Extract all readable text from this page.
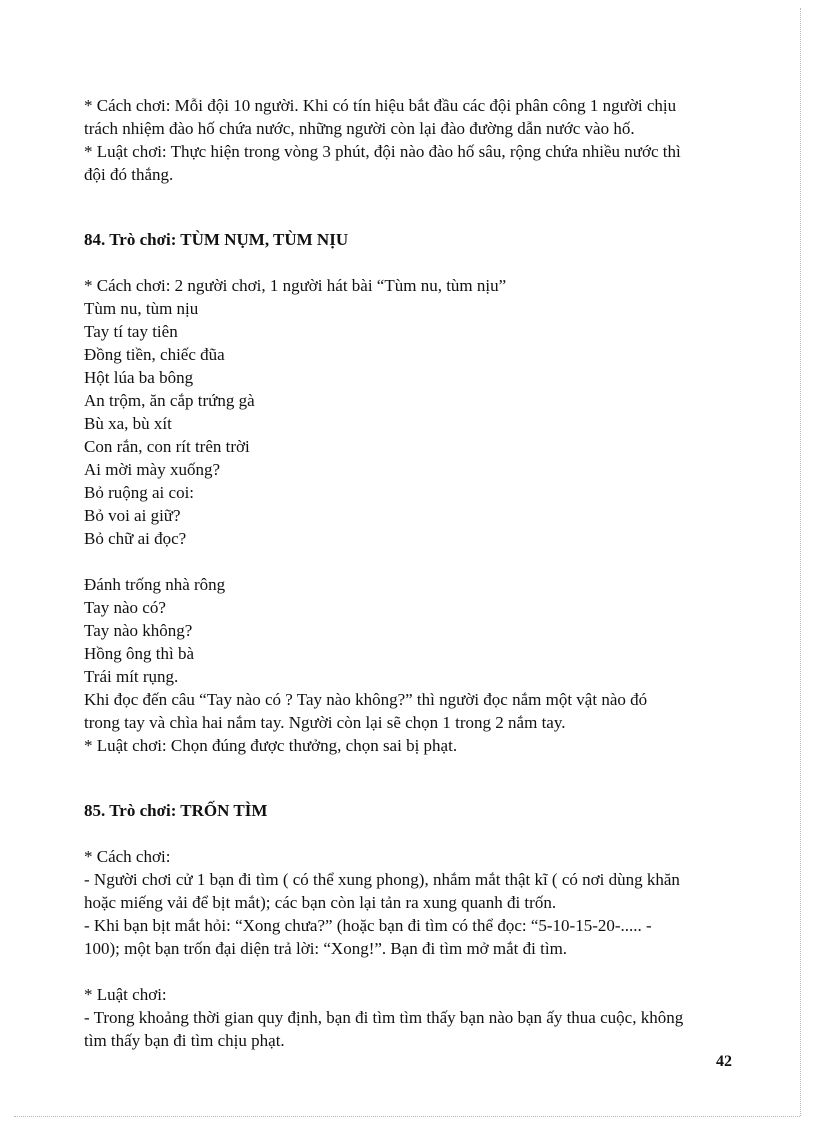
* Cách chơi: Mỗi đội 10 người. Khi có tín hiệu bắt đầu các đội phân công 1 người chịu

trách nhiệm đào hố chứa nước, những người còn lại đào đường dẫn nước vào hố.

* Luật chơi: Thực hiện trong vòng 3 phút, đội nào đào hố sâu, rộng chứa nhiều nước thì

đội đó thắng.

84. Trò chơi: TÙM NỤM, TÙM NỊU

* Cách chơi: 2 người chơi, 1 người hát bài “Tùm nu, tùm nịu”

Tùm nu, tùm nịu

Tay tí tay tiên

Đồng tiền, chiếc đũa

Hột lúa ba bông

An trộm, ăn cắp trứng gà

Bù xa, bù xít

Con rắn, con rít trên trời

Ai mời mày xuống?

Bỏ ruộng ai coi:

Bỏ voi ai giữ?

Bỏ chữ ai đọc?

Đánh trống nhà rông

Tay nào có?

Tay nào không?

Hồng ông thì bà

Trái mít rụng.

Khi đọc đến câu “Tay nào có ? Tay nào không?” thì người đọc nắm một vật nào đó

trong tay và chìa hai nắm tay. Người còn lại sẽ chọn 1 trong 2 nắm tay.

* Luật chơi: Chọn đúng được thưởng, chọn sai bị phạt.

85. Trò chơi: TRỐN TÌM

* Cách chơi:

- Người chơi cử 1 bạn đi tìm ( có thể xung phong), nhắm mắt thật kĩ ( có nơi dùng khăn

hoặc miếng vải để bịt mắt); các bạn còn lại tản ra xung quanh đi trốn.

- Khi bạn bịt mắt hỏi: “Xong chưa?” (hoặc bạn đi tìm có thể đọc: “5-10-15-20-..... -

100); một bạn trốn đại diện trả lời: “Xong!”. Bạn đi tìm mở mắt đi tìm.

* Luật chơi:

- Trong khoảng thời gian quy định, bạn đi tìm tìm thấy bạn nào bạn ấy thua cuộc, không

tìm thấy bạn đi tìm chịu phạt.

42
